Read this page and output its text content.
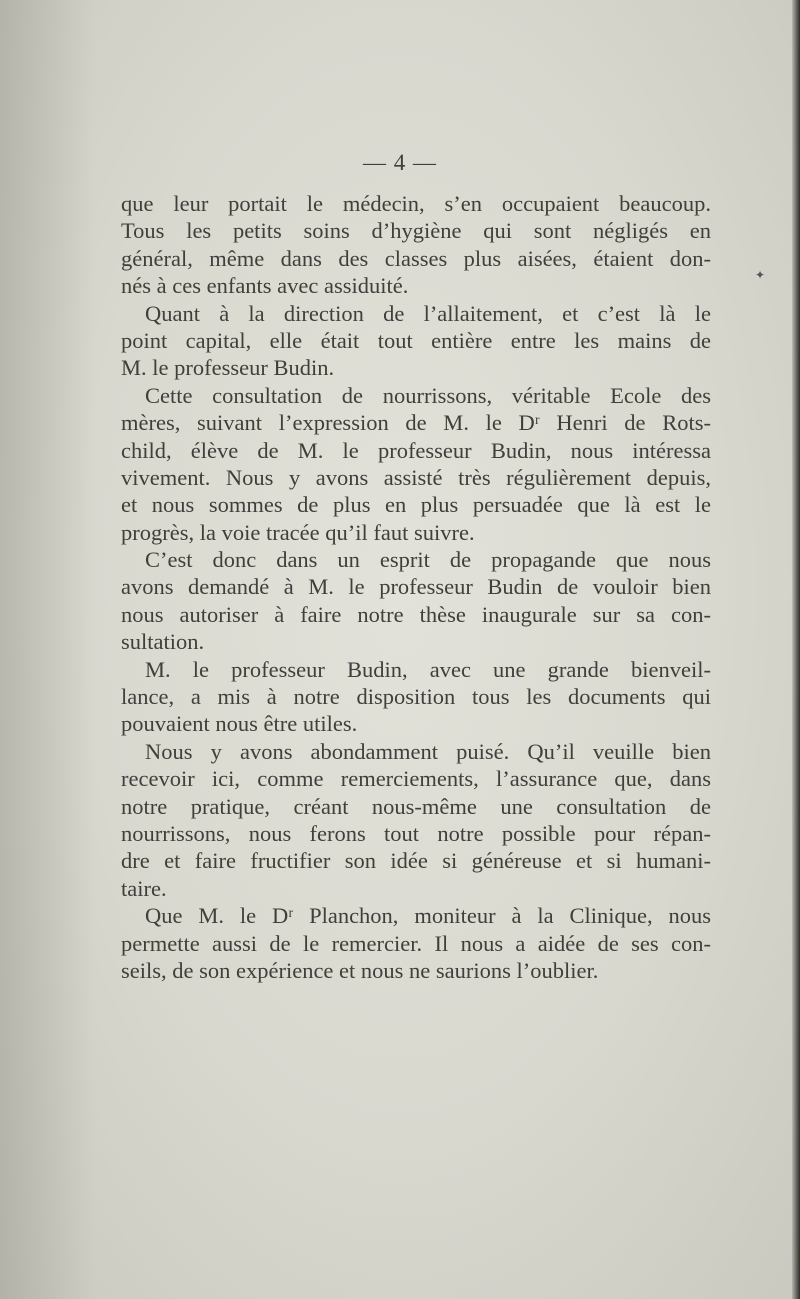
— 4 —
que leur portait le médecin, s’en occupaient beaucoup.
Tous les petits soins d’hygiène qui sont négligés en
général, même dans des classes plus aisées, étaient don-
nés à ces enfants avec assiduité.
Quant à la direction de l’allaitement, et c’est là le
point capital, elle était tout entière entre les mains de
M. le professeur Budin.
Cette consultation de nourrissons, véritable Ecole des
mères, suivant l’expression de M. le Dʳ Henri de Rots-
child, élève de M. le professeur Budin, nous intéressa
vivement. Nous y avons assisté très régulièrement depuis,
et nous sommes de plus en plus persuadée que là est le
progrès, la voie tracée qu’il faut suivre.
C’est donc dans un esprit de propagande que nous
avons demandé à M. le professeur Budin de vouloir bien
nous autoriser à faire notre thèse inaugurale sur sa con-
sultation.
M. le professeur Budin, avec une grande bienveil-
lance, a mis à notre disposition tous les documents qui
pouvaient nous être utiles.
Nous y avons abondamment puisé. Qu’il veuille bien
recevoir ici, comme remerciements, l’assurance que, dans
notre pratique, créant nous-même une consultation de
nourrissons, nous ferons tout notre possible pour répan-
dre et faire fructifier son idée si généreuse et si humani-
taire.
Que M. le Dʳ Planchon, moniteur à la Clinique, nous
permette aussi de le remercier. Il nous a aidée de ses con-
seils, de son expérience et nous ne saurions l’oublier.
✦
